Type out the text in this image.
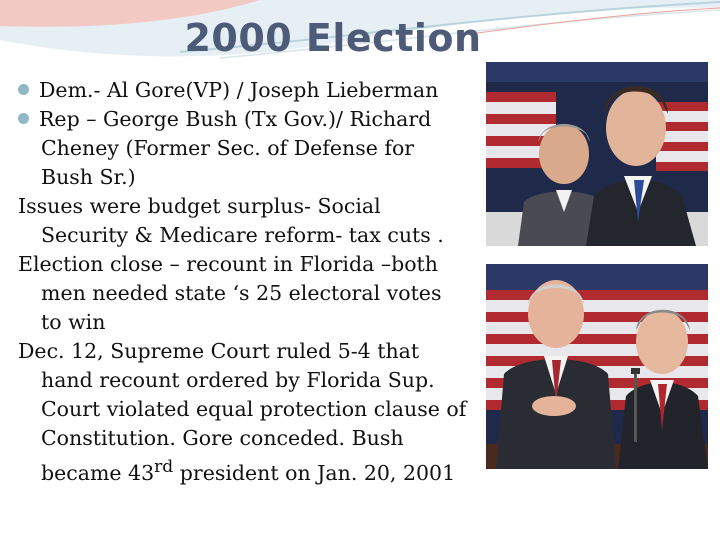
2000 Election

Dem.- Al Gore(VP) / Joseph Lieberman

Rep – George Bush (Tx Gov.)/ Richard Cheney (Former Sec. of Defense for Bush Sr.)

Issues were budget surplus- Social Security & Medicare reform- tax cuts .

Election close – recount in Florida –both men needed state ‘s 25 electoral votes to win

Dec. 12, Supreme Court ruled 5-4 that hand recount ordered by Florida Sup. Court violated equal protection clause of Constitution. Gore conceded. Bush became 43rd president on Jan. 20, 2001
